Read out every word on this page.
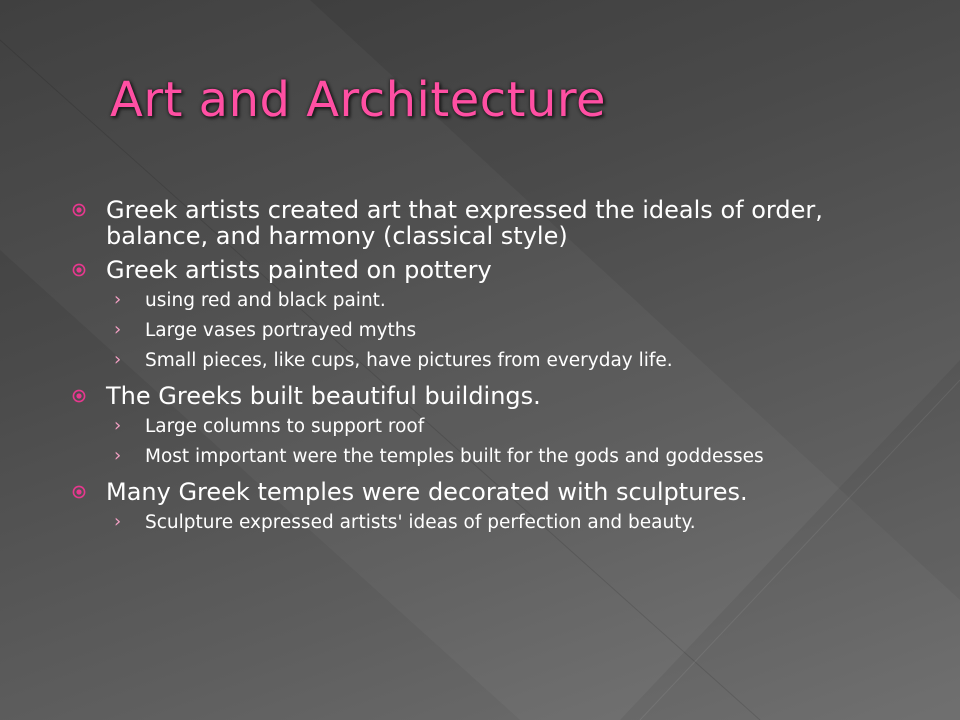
Art and Architecture
Greek artists created art that expressed the ideals of order, balance, and harmony (classical style)
Greek artists painted on pottery
› using red and black paint.
› Large vases portrayed myths
› Small pieces, like cups, have pictures from everyday life.
The Greeks built beautiful buildings.
› Large columns to support roof
› Most important were the temples built for the gods and goddesses
Many Greek temples were decorated with sculptures.
› Sculpture expressed artists' ideas of perfection and beauty.
